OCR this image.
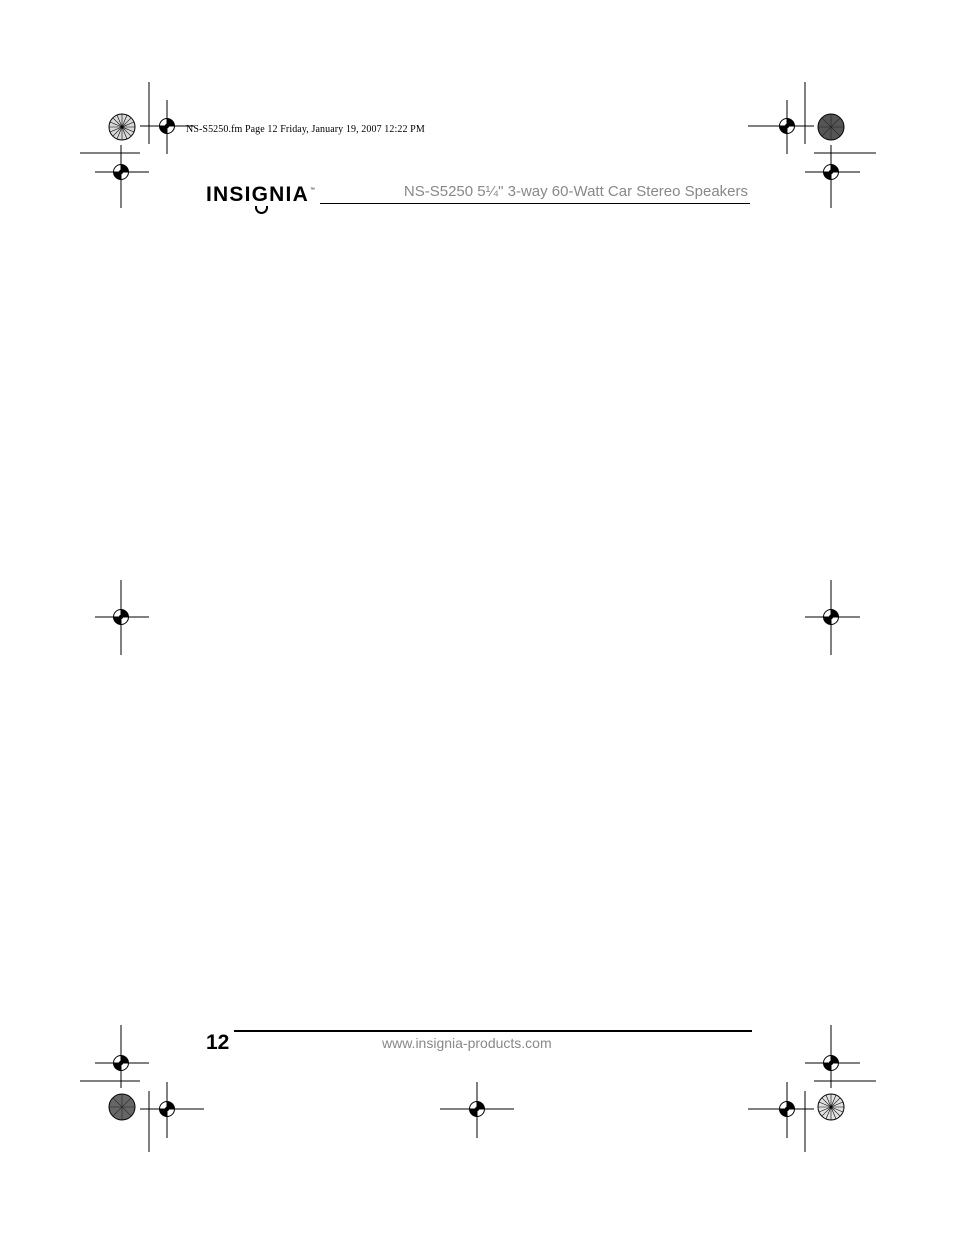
NS-S5250.fm Page 12 Friday, January 19, 2007 12:22 PM
INSIGNIA™	NS-S5250 5¼" 3-way 60-Watt Car Stereo Speakers
12	www.insignia-products.com
